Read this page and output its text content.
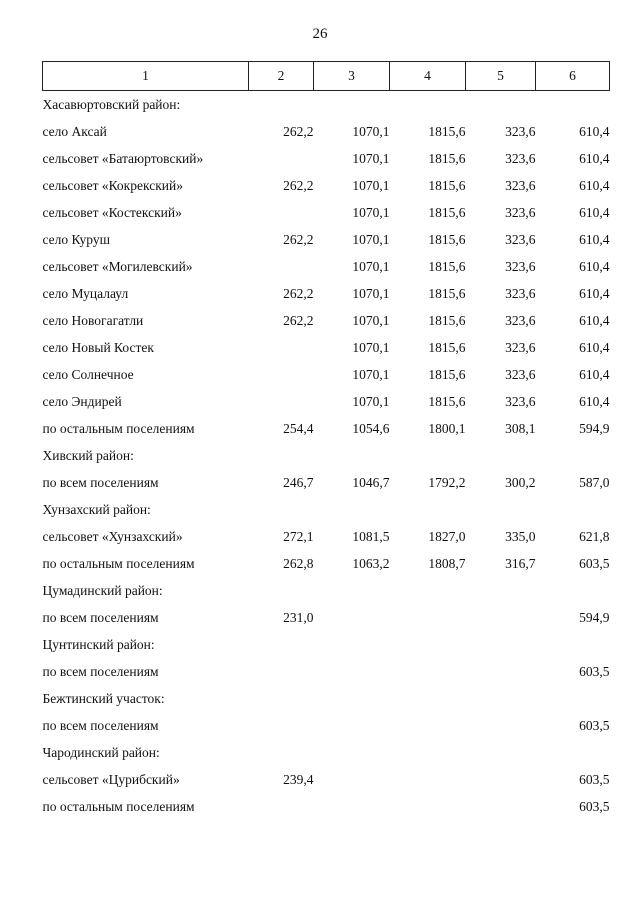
26
1	2	3	4	5	6
Хасавюртовский район:					
село Аксай	262,2	1070,1	1815,6	323,6	610,4
сельсовет «Батаюртовский»		1070,1	1815,6	323,6	610,4
сельсовет «Кокрекский»	262,2	1070,1	1815,6	323,6	610,4
сельсовет «Костекский»		1070,1	1815,6	323,6	610,4
село Куруш	262,2	1070,1	1815,6	323,6	610,4
сельсовет «Могилевский»		1070,1	1815,6	323,6	610,4
село Муцалаул	262,2	1070,1	1815,6	323,6	610,4
село Новогагатли	262,2	1070,1	1815,6	323,6	610,4
село Новый Костек		1070,1	1815,6	323,6	610,4
село Солнечное		1070,1	1815,6	323,6	610,4
село Эндирей		1070,1	1815,6	323,6	610,4
по остальным поселениям	254,4	1054,6	1800,1	308,1	594,9
Хивский район:					
по всем поселениям	246,7	1046,7	1792,2	300,2	587,0
Хунзахский район:					
сельсовет «Хунзахский»	272,1	1081,5	1827,0	335,0	621,8
по остальным поселениям	262,8	1063,2	1808,7	316,7	603,5
Цумадинский район:					
по всем поселениям	231,0				594,9
Цунтинский район:					
по всем поселениям					603,5
Бежтинский участок:					
по всем поселениям					603,5
Чародинский район:					
сельсовет «Цурибский»	239,4				603,5
по остальным поселениям					603,5
